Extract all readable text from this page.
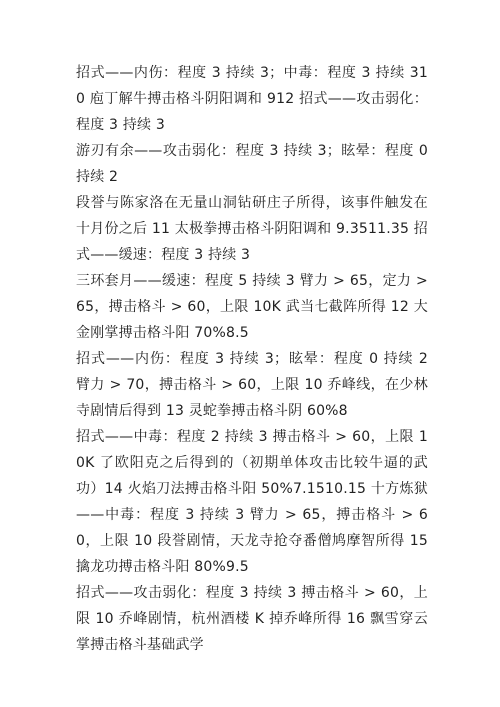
招式——内伤：程度 3 持续 3；中毒：程度 3 持续 310 庖丁解牛搏击格斗阴阳调和 912 招式——攻击弱化：程度 3 持续 3

游刃有余——攻击弱化：程度 3 持续 3；眩晕：程度 0 持续 2

段誉与陈家洛在无量山洞钻研庄子所得，该事件触发在十月份之后 11 太极拳搏击格斗阴阳调和 9.3511.35 招式——缓速：程度 3 持续 3

三环套月——缓速：程度 5 持续 3 臂力 > 65，定力 > 65，搏击格斗 > 60，上限 10K 武当七截阵所得 12 大金刚掌搏击格斗阳 70%8.5

招式——内伤：程度 3 持续 3；眩晕：程度 0 持续 2 臂力 > 70，搏击格斗 > 60，上限 10 乔峰线，在少林寺剧情后得到 13 灵蛇拳搏击格斗阴 60%8

招式——中毒：程度 2 持续 3 搏击格斗 > 60，上限 10K 了欧阳克之后得到的（初期单体攻击比较牛逼的武功）14 火焰刀法搏击格斗阳 50%7.1510.15 十方炼狱——中毒：程度 3 持续 3 臂力 > 65，搏击格斗 > 60，上限 10 段誉剧情，天龙寺抢夺番僧鸠摩智所得 15 擒龙功搏击格斗阳 80%9.5

招式——攻击弱化：程度 3 持续 3 搏击格斗 > 60，上限 10 乔峰剧情，杭州酒楼 K 掉乔峰所得 16 飘雪穿云掌搏击格斗基础武学
